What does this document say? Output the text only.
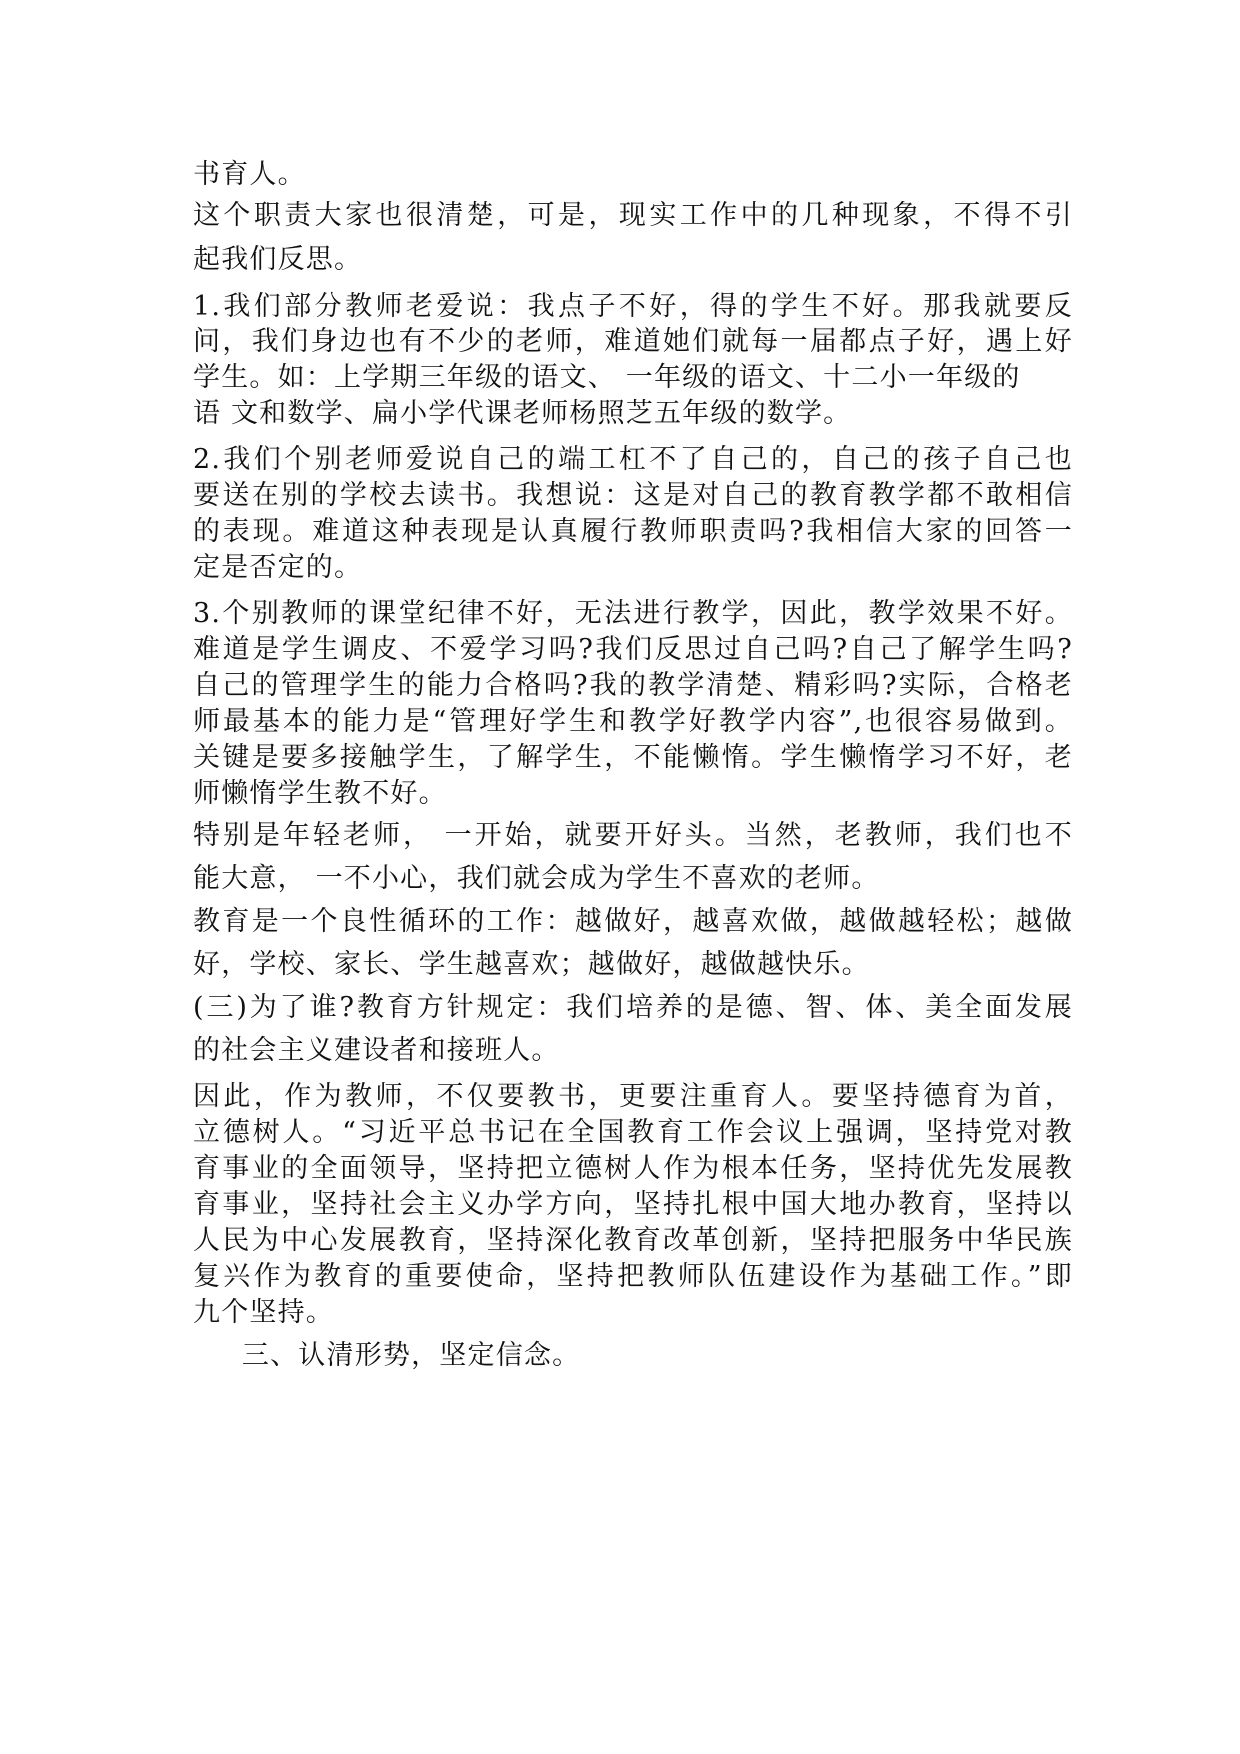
书育人。
这个职责大家也很清楚，可是，现实工作中的几种现象，不得不引
起我们反思。
1.我们部分教师老爱说：我点子不好，得的学生不好。那我就要反
问，我们身边也有不少的老师，难道她们就每一届都点子好，遇上好
学生。如：上学期三年级的语文、 一年级的语文、十二小一年级的
语 文和数学、扁小学代课老师杨照芝五年级的数学。
2.我们个别老师爱说自己的端工杠不了自己的，自己的孩子自己也
要送在别的学校去读书。我想说：这是对自己的教育教学都不敢相信
的表现。难道这种表现是认真履行教师职责吗?我相信大家的回答一
定是否定的。
3.个别教师的课堂纪律不好，无法进行教学，因此，教学效果不好。
难道是学生调皮、不爱学习吗?我们反思过自己吗?自己了解学生吗?
自己的管理学生的能力合格吗?我的教学清楚、精彩吗?实际，合格老
师最基本的能力是“管理好学生和教学好教学内容”,也很容易做到。
关键是要多接触学生，了解学生，不能懒惰。学生懒惰学习不好，老
师懒惰学生教不好。
特别是年轻老师， 一开始，就要开好头。当然，老教师，我们也不
能大意， 一不小心，我们就会成为学生不喜欢的老师。
教育是一个良性循环的工作：越做好，越喜欢做，越做越轻松；越做
好，学校、家长、学生越喜欢；越做好，越做越快乐。
(三)为了谁?教育方针规定：我们培养的是德、智、体、美全面发展
的社会主义建设者和接班人。
因此，作为教师，不仅要教书，更要注重育人。要坚持德育为首，
立德树人。“习近平总书记在全国教育工作会议上强调，坚持党对教
育事业的全面领导，坚持把立德树人作为根本任务，坚持优先发展教
育事业，坚持社会主义办学方向，坚持扎根中国大地办教育，坚持以
人民为中心发展教育，坚持深化教育改革创新，坚持把服务中华民族
复兴作为教育的重要使命，坚持把教师队伍建设作为基础工作。”即
九个坚持。
三、认清形势，坚定信念。
